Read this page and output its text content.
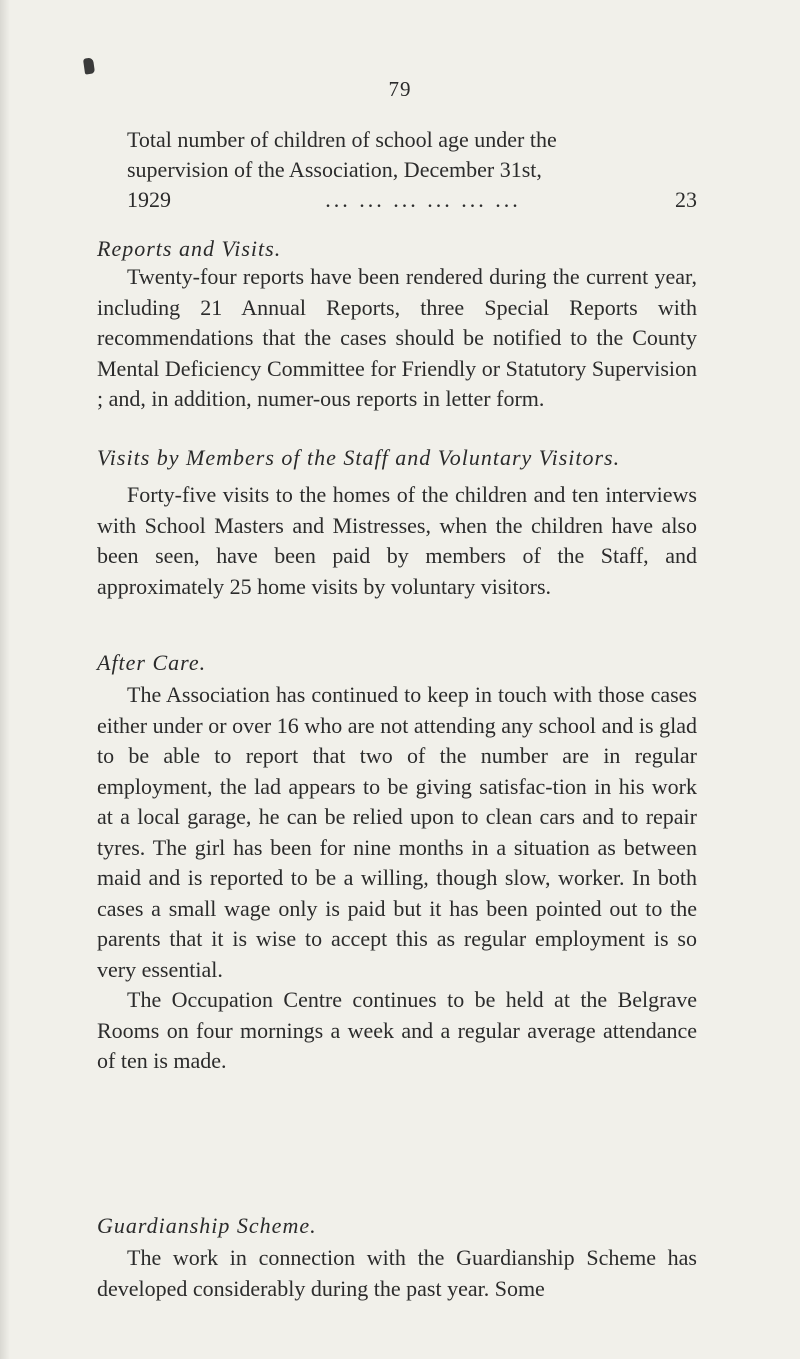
79
Total number of children of school age under the
supervision of the Association, December 31st,
1929	... ... ... ... ... ...	23
Reports and Visits.
Twenty-four reports have been rendered during the current year, including 21 Annual Reports, three Special Reports with recommendations that the cases should be notified to the County Mental Deficiency Committee for Friendly or Statutory Supervision ; and, in addition, numer-ous reports in letter form.
Visits by Members of the Staff and Voluntary Visitors.
Forty-five visits to the homes of the children and ten interviews with School Masters and Mistresses, when the children have also been seen, have been paid by members of the Staff, and approximately 25 home visits by voluntary visitors.
After Care.
The Association has continued to keep in touch with those cases either under or over 16 who are not attending any school and is glad to be able to report that two of the number are in regular employment, the lad appears to be giving satisfac-tion in his work at a local garage, he can be relied upon to clean cars and to repair tyres. The girl has been for nine months in a situation as between maid and is reported to be a willing, though slow, worker. In both cases a small wage only is paid but it has been pointed out to the parents that it is wise to accept this as regular employment is so very essential.
The Occupation Centre continues to be held at the Belgrave Rooms on four mornings a week and a regular average attendance of ten is made.
Guardianship Scheme.
The work in connection with the Guardianship Scheme has developed considerably during the past year. Some
